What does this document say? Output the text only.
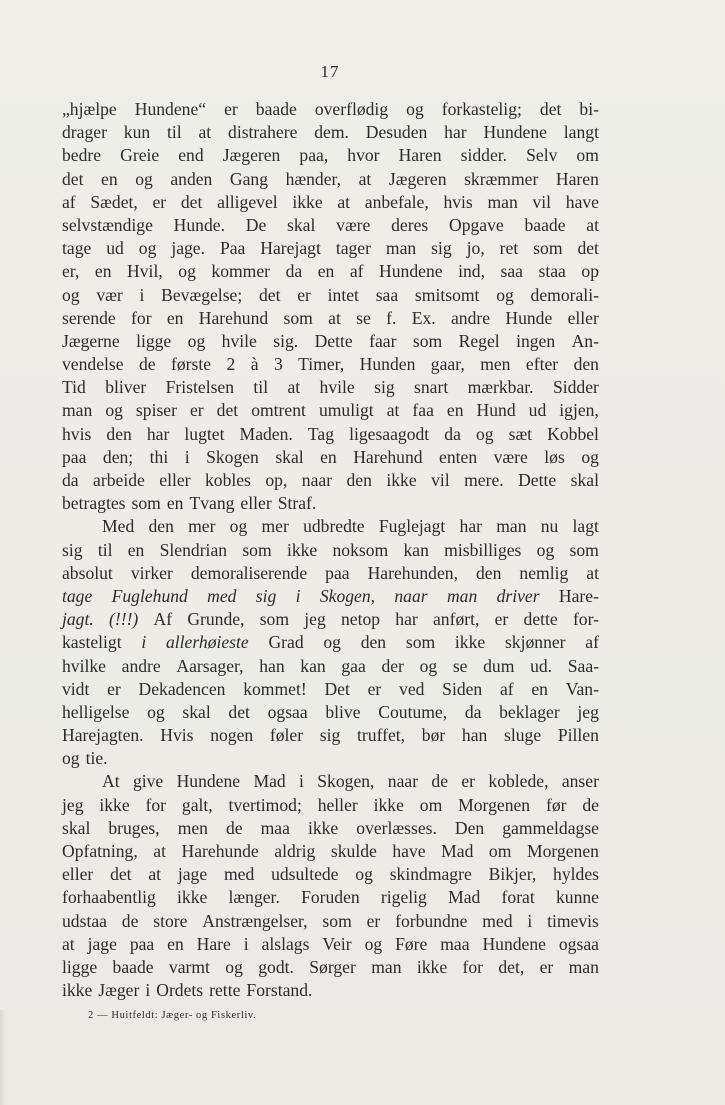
17
„hjælpe Hundene“ er baade overflødig og forkastelig; det bi-
drager kun til at distrahere dem. Desuden har Hundene langt
bedre Greie end Jægeren paa, hvor Haren sidder. Selv om
det en og anden Gang hænder, at Jægeren skræmmer Haren
af Sædet, er det alligevel ikke at anbefale, hvis man vil have
selvstændige Hunde. De skal være deres Opgave baade at
tage ud og jage. Paa Harejagt tager man sig jo, ret som det
er, en Hvil, og kommer da en af Hundene ind, saa staa op
og vær i Bevægelse; det er intet saa smitsomt og demorali-
serende for en Harehund som at se f. Ex. andre Hunde eller
Jægerne ligge og hvile sig. Dette faar som Regel ingen An-
vendelse de første 2 à 3 Timer, Hunden gaar, men efter den
Tid bliver Fristelsen til at hvile sig snart mærkbar. Sidder
man og spiser er det omtrent umuligt at faa en Hund ud igjen,
hvis den har lugtet Maden. Tag ligesaagodt da og sæt Kobbel
paa den; thi i Skogen skal en Harehund enten være løs og
da arbeide eller kobles op, naar den ikke vil mere. Dette skal
betragtes som en Tvang eller Straf.
Med den mer og mer udbredte Fuglejagt har man nu lagt
sig til en Slendrian som ikke noksom kan misbilliges og som
absolut virker demoraliserende paa Harehunden, den nemlig at
tage Fuglehund med sig i Skogen, naar man driver Hare-
jagt. (!!!) Af Grunde, som jeg netop har anført, er dette for-
kasteligt i allerhøieste Grad og den som ikke skjønner af
hvilke andre Aarsager, han kan gaa der og se dum ud. Saa-
vidt er Dekadencen kommet! Det er ved Siden af en Van-
helligelse og skal det ogsaa blive Coutume, da beklager jeg
Harejagten. Hvis nogen føler sig truffet, bør han sluge Pillen
og tie.
At give Hundene Mad i Skogen, naar de er koblede, anser
jeg ikke for galt, tvertimod; heller ikke om Morgenen før de
skal bruges, men de maa ikke overlæsses. Den gammeldagse
Opfatning, at Harehunde aldrig skulde have Mad om Morgenen
eller det at jage med udsultede og skindmagre Bikjer, hyldes
forhaabentlig ikke længer. Foruden rigelig Mad forat kunne
udstaa de store Anstrængelser, som er forbundne med i timevis
at jage paa en Hare i alslags Veir og Føre maa Hundene ogsaa
ligge baade varmt og godt. Sørger man ikke for det, er man
ikke Jæger i Ordets rette Forstand.
2 — Huitfeldt: Jæger- og Fiskerliv.
